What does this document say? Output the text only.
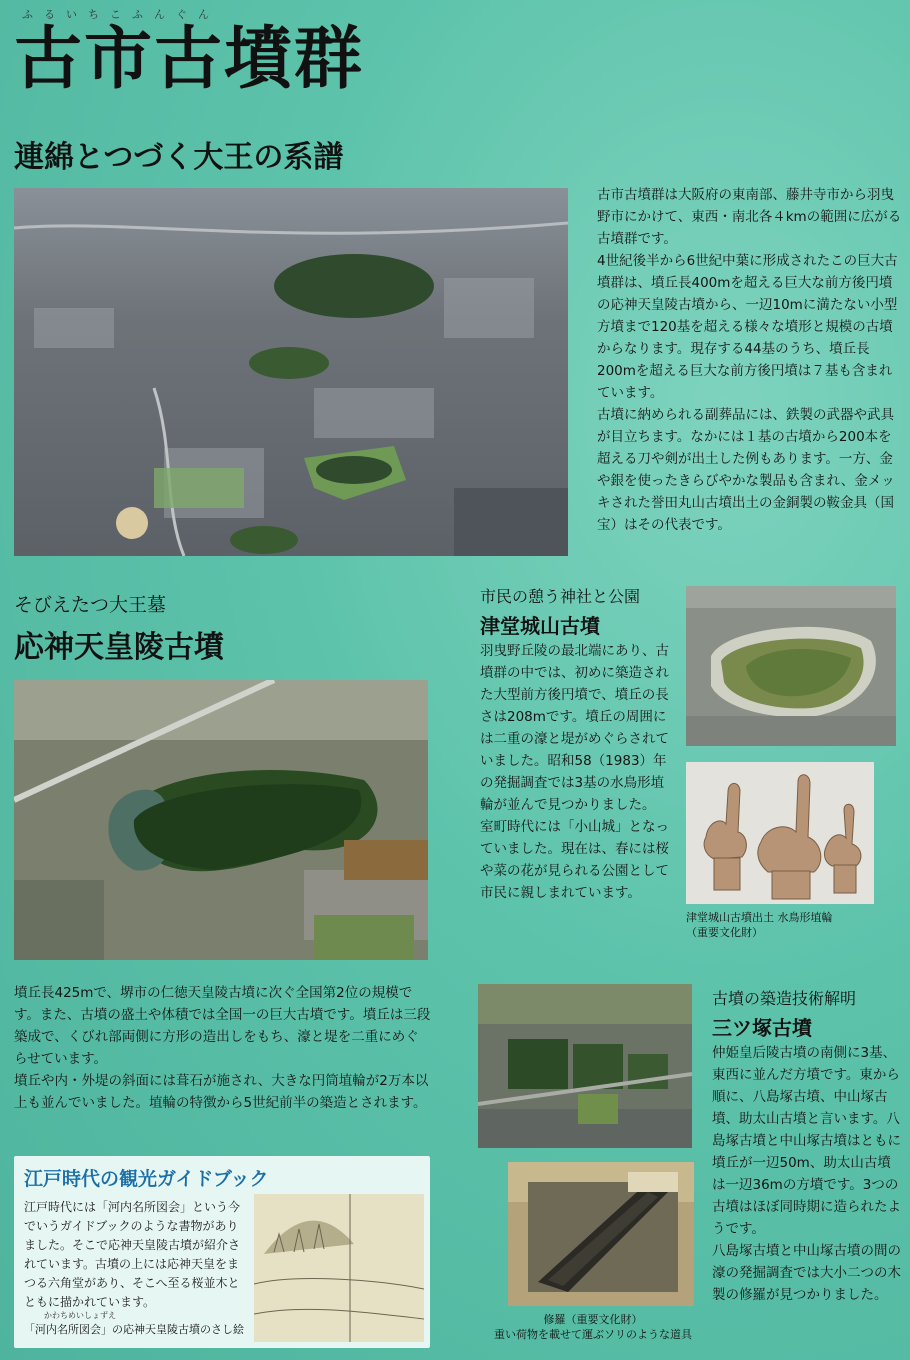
ふるいちこふんぐん
古市古墳群
連綿とつづく大王の系譜

古市古墳群は大阪府の東南部、藤井寺市から羽曳野市にかけて、東西・南北各４kmの範囲に広がる古墳群です。

4世紀後半から6世紀中葉に形成されたこの巨大古墳群は、墳丘長400mを超える巨大な前方後円墳の応神天皇陵古墳から、一辺10mに満たない小型方墳まで120基を超える様々な墳形と規模の古墳からなります。現存する44基のうち、墳丘長200mを超える巨大な前方後円墳は７基も含まれています。

古墳に納められる副葬品には、鉄製の武器や武具が目立ちます。なかには１基の古墳から200本を超える刀や剣が出土した例もあります。一方、金や銀を使ったきらびやかな製品も含まれ、金メッキされた誉田丸山古墳出土の金銅製の鞍金具（国宝）はその代表です。

そびえたつ大王墓
応神天皇陵古墳

墳丘長425mで、堺市の仁徳天皇陵古墳に次ぐ全国第2位の規模です。また、古墳の盛土や体積では全国一の巨大古墳です。墳丘は三段築成で、くびれ部両側に方形の造出しをもち、濠と堤を二重にめぐらせています。

墳丘や内・外堤の斜面には葺石が施され、大きな円筒埴輪が2万本以上も並んでいました。埴輪の特徴から5世紀前半の築造とされます。

市民の憩う神社と公園
津堂城山古墳

羽曳野丘陵の最北端にあり、古墳群の中では、初めに築造された大型前方後円墳で、墳丘の長さは208mです。墳丘の周囲には二重の濠と堤がめぐらされていました。昭和58（1983）年の発掘調査では3基の水鳥形埴輪が並んで見つかりました。

室町時代には「小山城」となっていました。現在は、春には桜や菜の花が見られる公園として市民に親しまれています。

津堂城山古墳出土 水鳥形埴輪

（重要文化財）

修羅（重要文化財）

重い荷物を載せて運ぶソリのような道具

古墳の築造技術解明
三ツ塚古墳

仲姫皇后陵古墳の南側に3基、東西に並んだ方墳です。東から順に、八島塚古墳、中山塚古墳、助太山古墳と言います。八島塚古墳と中山塚古墳はともに墳丘が一辺50m、助太山古墳は一辺36mの方墳です。3つの古墳はほぼ同時期に造られたようです。

八島塚古墳と中山塚古墳の間の濠の発掘調査では大小二つの木製の修羅が見つかりました。

江戸時代の観光ガイドブック
江戸時代には「河内名所図会」という今でいうガイドブックのような書物がありました。そこで応神天皇陵古墳が紹介されています。古墳の上には応神天皇をまつる六角堂があり、そこへ至る桜並木とともに描かれています。
かわちめいしょずえ
「河内名所図会」の応神天皇陵古墳のさし絵
